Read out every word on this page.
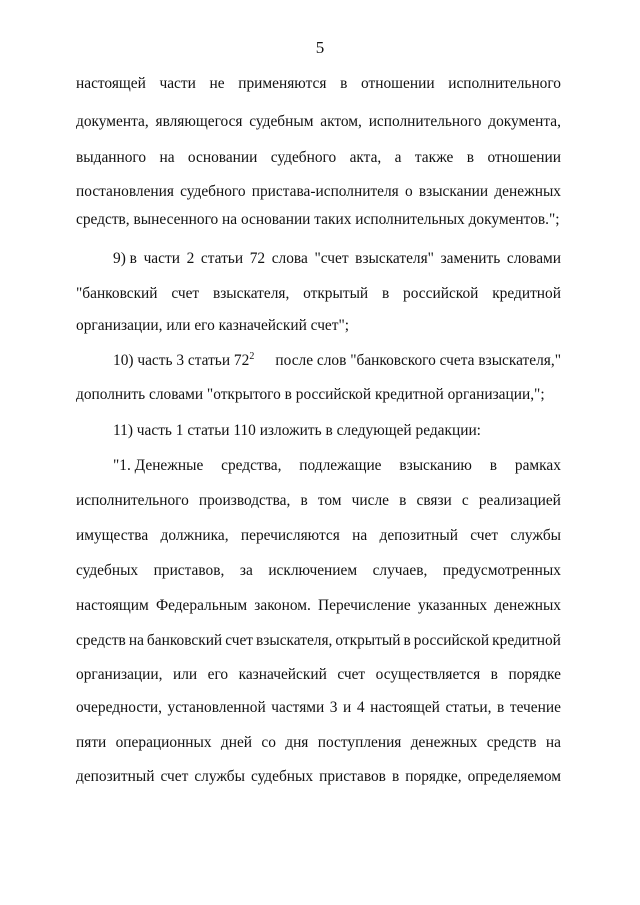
5
настоящей части не применяются в отношении исполнительного
документа, являющегося судебным актом, исполнительного документа,
выданного на основании судебного акта, а также в отношении
постановления судебного пристава-исполнителя о взыскании денежных
средств, вынесенного на основании таких исполнительных документов.";
9) в части 2 статьи 72 слова "счет взыскателя" заменить словами
"банковский счет взыскателя, открытый в российской кредитной
организации, или его казначейский счет";
10) часть 3 статьи $72^2$ после слов "банковского счета взыскателя,"
дополнить словами "открытого в российской кредитной организации,";
11) часть 1 статьи 110 изложить в следующей редакции:
"1. Денежные средства, подлежащие взысканию в рамках
исполнительного производства, в том числе в связи с реализацией
имущества должника, перечисляются на депозитный счет службы
судебных приставов, за исключением случаев, предусмотренных
настоящим Федеральным законом. Перечисление указанных денежных
средств на банковский счет взыскателя, открытый в российской кредитной
организации, или его казначейский счет осуществляется в порядке
очередности, установленной частями 3 и 4 настоящей статьи, в течение
пяти операционных дней со дня поступления денежных средств на
депозитный счет службы судебных приставов в порядке, определяемом
